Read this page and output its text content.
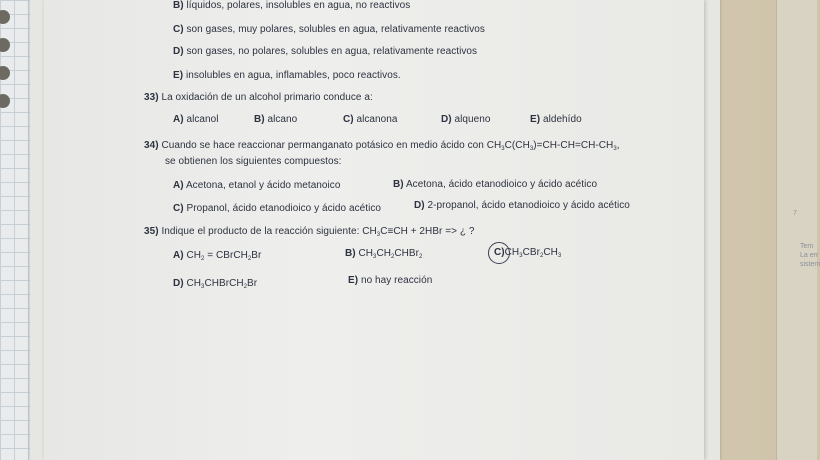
7
Tem
La err
sistem
B) líquidos, polares, insolubles en agua, no reactivos
C) son gases, muy polares, solubles en agua, relativamente reactivos
D) son gases, no polares, solubles en agua, relativamente reactivos
E) insolubles en agua, inflamables, poco reactivos.
33) La oxidación de un alcohol primario conduce a:
A) alcanol	B) alcano	C) alcanona	D) alqueno	E) aldehído
34) Cuando se hace reaccionar permanganato potásico en medio ácido con $CH_3C(CH_3)=CH-CH=CH-CH_3$,
se obtienen los siguientes compuestos:
A) Acetona, etanol y ácido metanoico	B) Acetona, ácido etanodioico y ácido acético
C) Propanol, ácido etanodioico y ácido acético	D) 2-propanol, ácido etanodioico y ácido acético
35) Indique el producto de la reacción siguiente: $CH_3C\equiv CH + 2HBr$ => ¿ ?
A) $CH_2$ = CBrCH$_2$Br	B) $CH_3CH_2CHBr_2$	$C)CH_3CBr_2CH_3$
D) $CH_3CHBrCH_2Br$	E) no hay reacción
